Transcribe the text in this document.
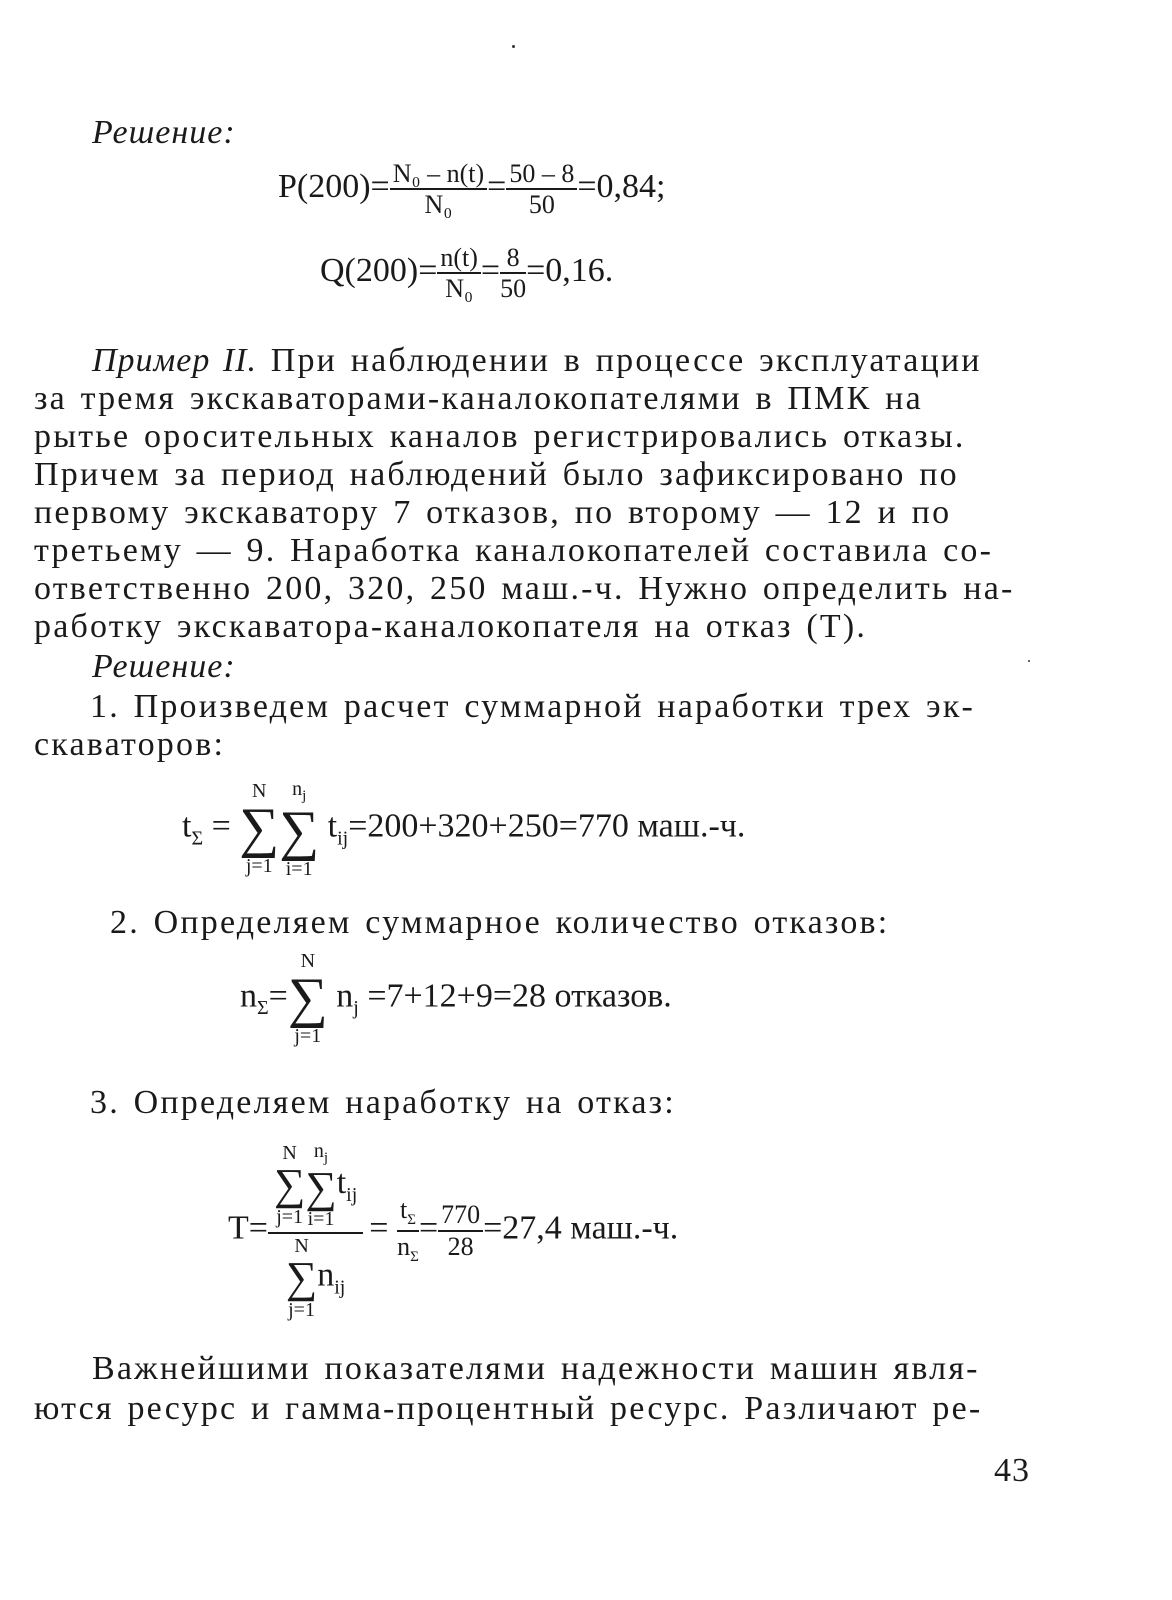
Решение:
$P(200)= \frac{\text{N₀ – n(t)}}{\text{N₀}} = \frac{50 - 8}{50} =0,84$;
$Q(200)= \frac{n(t)}{\text{N₀}} = \frac{8}{50} =0,16$.
Пример II. При наблюдении в процессе эксплуатации
за тремя экскаваторами-каналокопателями в ПМК на
рытье оросительных каналов регистрировались отказы.
Причем за период наблюдений было зафиксировано по
первому экскаватору 7 отказов, по второму — 12 и по
третьему — 9. Наработка каналокопателей составила со-
ответственно 200, 320, 250 маш.-ч. Нужно определить на-
работку экскаватора-каналокопателя на отказ (Т).
Решение:
1. Произведем расчет суммарной наработки трех эк-
скаваторов:
$t_\Sigma$ =
N
∑
j=1
$n_j$
∑
i=1
$t_{ij}=200+320+250=770$ маш.-ч.
2. Определяем суммарное количество отказов:
$n_\Sigma=$
N
∑
j=1
$n_j =7+12+9=28$ отказов.
3. Определяем наработку на отказ:
T= N
∑
j=1
$n_j$
∑
i=1
$t_{ij}$
N
∑
j=1
$n_{ij} = \frac{t_\Sigma}{n_\Sigma} = \frac{770}{28} =27,4$ маш.-ч.
Важнейшими показателями надежности машин явля-
ются ресурс и гамма-процентный ресурс. Различают ре-
43
